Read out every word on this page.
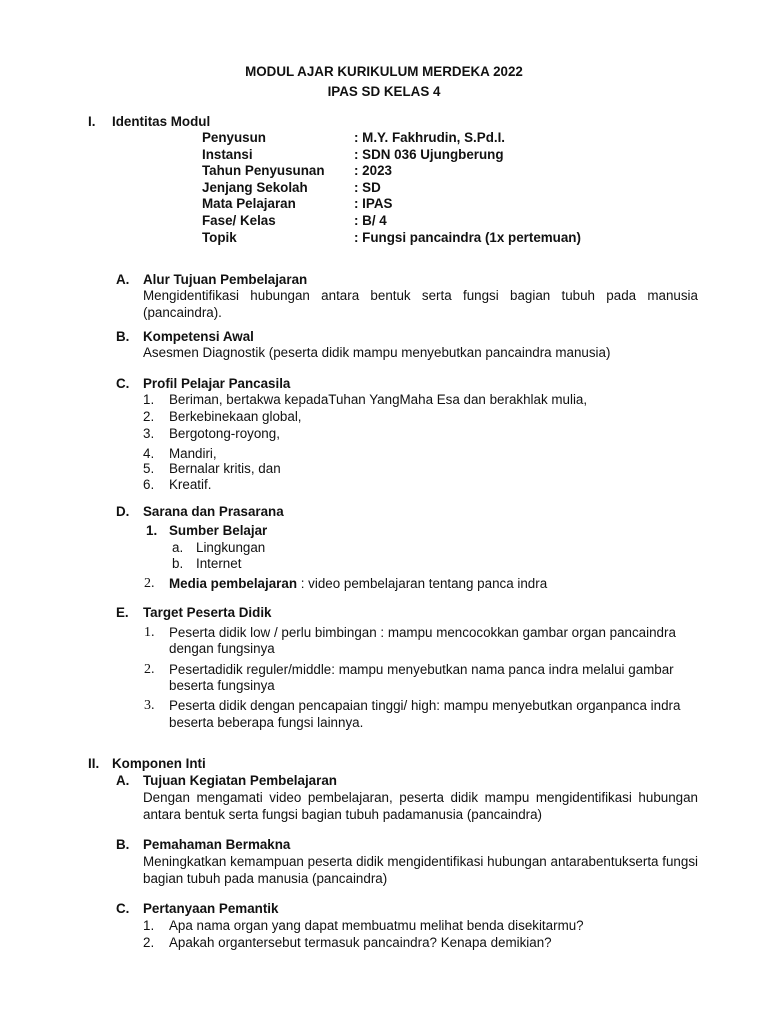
MODUL AJAR KURIKULUM MERDEKA 2022
IPAS SD KELAS 4
I. Identitas Modul
Penyusun	: M.Y. Fakhrudin, S.Pd.I.
Instansi	: SDN 036 Ujungberung
Tahun Penyusunan : 2023
Jenjang Sekolah	: SD
Mata Pelajaran	: IPAS
Fase/ Kelas	: B/ 4
Topik	: Fungsi pancaindra (1x pertemuan)
A. Alur Tujuan Pembelajaran
Mengidentifikasi hubungan antara bentuk serta fungsi bagian tubuh pada manusia (pancaindra).
B. Kompetensi Awal
Asesmen Diagnostik (peserta didik mampu menyebutkan pancaindra manusia)
C. Profil Pelajar Pancasila
1. Beriman, bertakwa kepadaTuhan YangMaha Esa dan berakhlak mulia,
2. Berkebinekaan global,
3. Bergotong-royong,
4. Mandiri,
5. Bernalar kritis, dan
6. Kreatif.
D. Sarana dan Prasarana
1. Sumber Belajar
a. Lingkungan
b. Internet
2. Media pembelajaran : video pembelajaran tentang panca indra
E. Target Peserta Didik
1. Peserta didik low / perlu bimbingan : mampu mencocokkan gambar organ pancaindra
dengan fungsinya
2. Pesertadidik reguler/middle: mampu menyebutkan nama panca indra melalui gambar
beserta fungsinya
3. Peserta didik dengan pencapaian tinggi/ high: mampu menyebutkan organpanca indra
beserta beberapa fungsi lainnya.
II. Komponen Inti
A. Tujuan Kegiatan Pembelajaran
Dengan mengamati video pembelajaran, peserta didik mampu mengidentifikasi hubungan antara bentuk serta fungsi bagian tubuh padamanusia (pancaindra)
B. Pemahaman Bermakna
Meningkatkan kemampuan peserta didik mengidentifikasi hubungan antarabentukserta fungsi bagian tubuh pada manusia (pancaindra)
C. Pertanyaan Pemantik
1. Apa nama organ yang dapat membuatmu melihat benda disekitarmu?
2. Apakah organtersebut termasuk pancaindra? Kenapa demikian?
